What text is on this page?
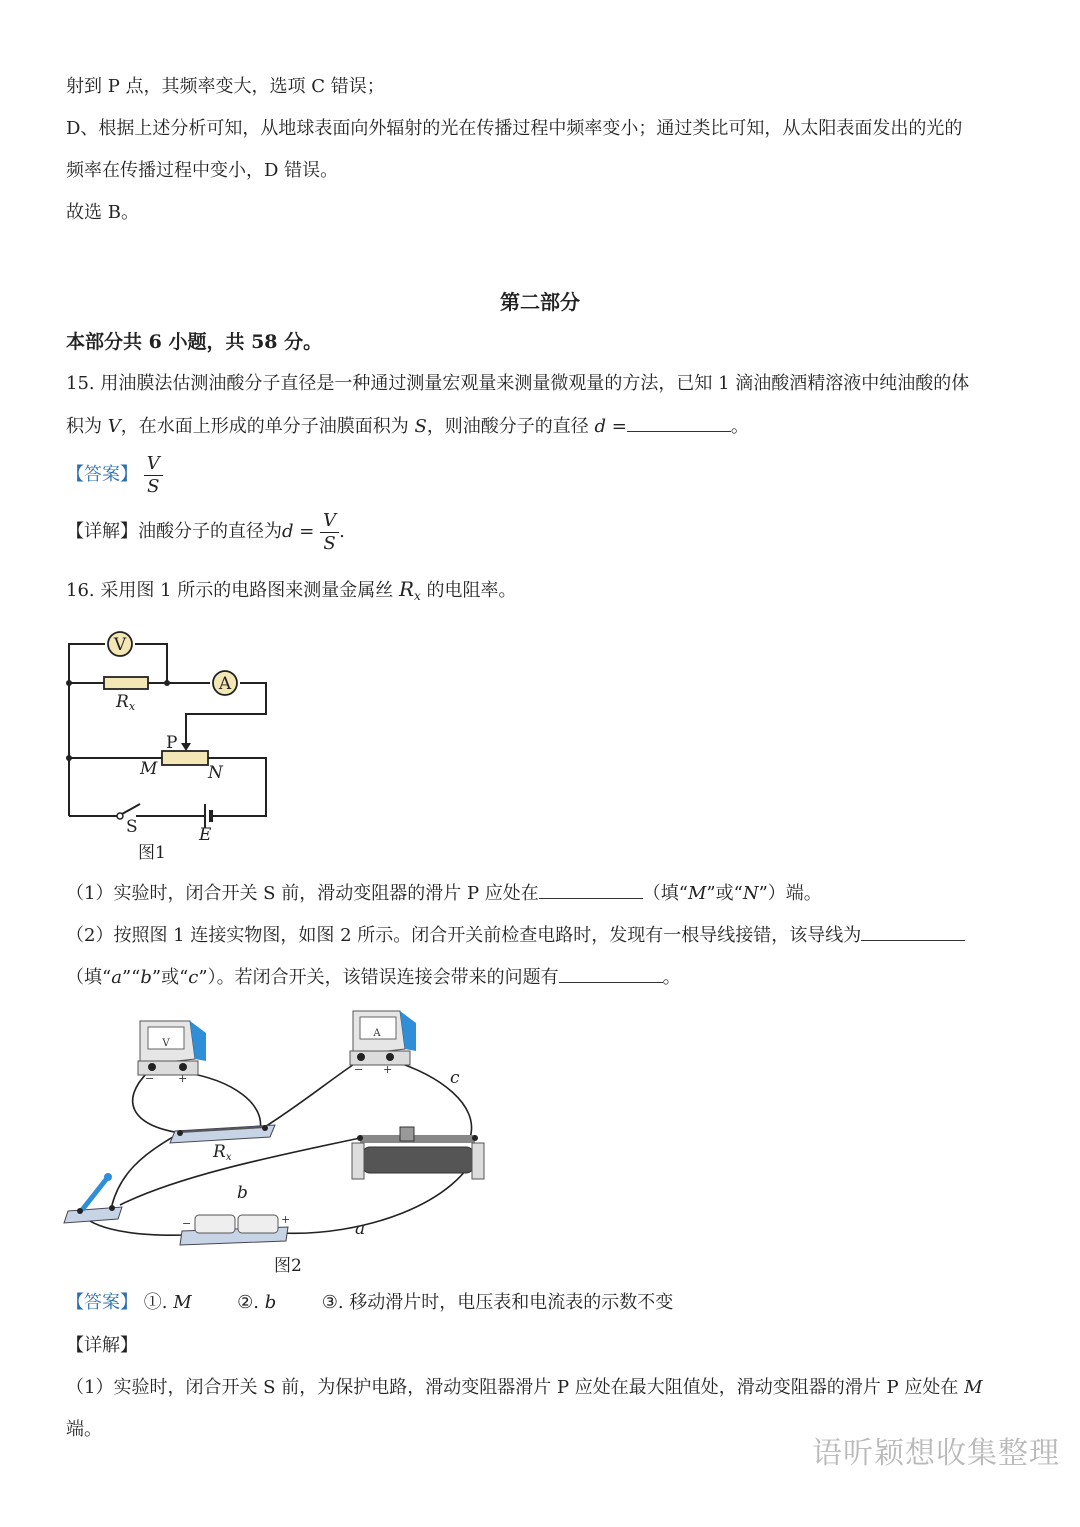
射到 P 点，其频率变大，选项 C 错误；
D、根据上述分析可知，从地球表面向外辐射的光在传播过程中频率变小；通过类比可知，从太阳表面发出的光的
频率在传播过程中变小，D 错误。
故选 B。
第二部分
本部分共 6 小题，共 58 分。
15. 用油膜法估测油酸分子直径是一种通过测量宏观量来测量微观量的方法，已知 1 滴油酸酒精溶液中纯油酸的体
积为 V，在水面上形成的单分子油膜面积为 S，则油酸分子的直径 d =	。
【答案】 $\frac{V}{S}$
【详解】油酸分子的直径为$d = \frac{V}{S}$ .
16. 采用图 1 所示的电路图来测量金属丝 $R_x$ 的电阻率。
V
A
Rx
P
M	N
S	E
图1
（1）实验时，闭合开关 S 前，滑动变阻器的滑片 P 应处在	（填“M”或“N”）端。
（2）按照图 1 连接实物图，如图 2 所示。闭合开关前检查电路时，发现有一根导线接错，该导线为
（填“a”“b”或“c”）。若闭合开关，该错误连接会带来的问题有	。
V
− +
A
− +
Rx
−	+
c
b
a
图2
【答案】 ①. M	②. b	③. 移动滑片时，电压表和电流表的示数不变
【详解】
（1）实验时，闭合开关 S 前，为保护电路，滑动变阻器滑片 P 应处在最大阻值处，滑动变阻器的滑片 P 应处在 M
端。
语听颖想收集整理
